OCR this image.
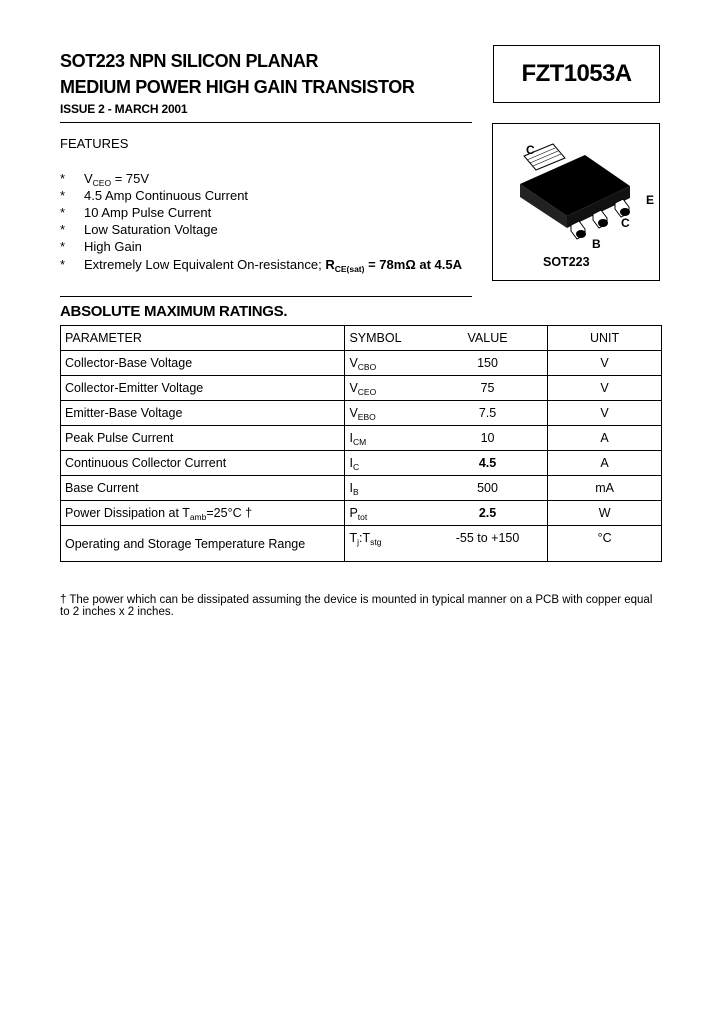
SOT223 NPN SILICON PLANAR
MEDIUM POWER HIGH GAIN TRANSISTOR
ISSUE 2 - MARCH 2001
FZT1053A
FEATURES
* $V_{CEO} = 75V$
* 4.5 Amp Continuous Current
* 10 Amp Pulse Current
* Low Saturation Voltage
* High Gain
* Extremely Low Equivalent On-resistance; $R_{CE(sat)} = 78m\Omega$ at 4.5A
C
E
C
B
SOT223
ABSOLUTE MAXIMUM RATINGS.
PARAMETER	SYMBOL	VALUE	UNIT
Collector-Base Voltage	$V_{CBO}$	150	V
Collector-Emitter Voltage	$V_{CEO}$	75	V
Emitter-Base Voltage	$V_{EBO}$	7.5	V
Peak Pulse Current	$I_{CM}$	10	A
Continuous Collector Current	$I_C$	4.5	A
Base Current	$I_B$	500	mA
Power Dissipation at $T_{amb}=25^\circ C$ †	$P_{tot}$	2.5	W
Operating and Storage Temperature Range	$T_j:T_{stg}$	-55 to +150	°C
† The power which can be dissipated assuming the device is mounted in typical manner on a PCB with copper equal to 2 inches x 2 inches.
